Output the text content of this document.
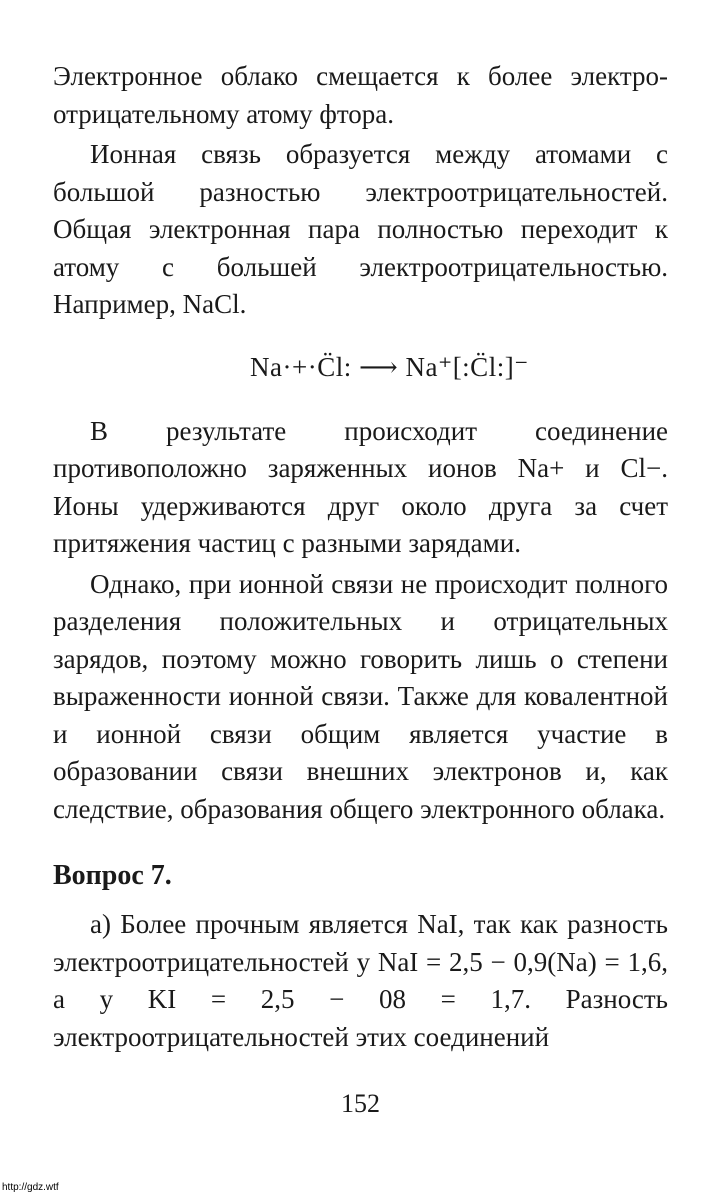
Электронное облако смещается к более электро-отрицательному атому фтора.

Ионная связь образуется между атомами с большой разностью электроотрицательностей. Общая электронная пара полностью переходит к атому с большей электроотрицательностью. Например, NaCl.

Na·+·C̈l: ⟶ Na⁺[:C̈l:]⁻

В результате происходит соединение противоположно заряженных ионов Na+ и Cl−. Ионы удерживаются друг около друга за счет притяжения частиц с разными зарядами.

Однако, при ионной связи не происходит полного разделения положительных и отрицательных зарядов, поэтому можно говорить лишь о степени выраженности ионной связи. Также для ковалентной и ионной связи общим является участие в образовании связи внешних электронов и, как следствие, образования общего электронного облака.

Вопрос 7.

а) Более прочным является NaI, так как разность электроотрицательностей у NaI = 2,5 − 0,9(Na) = 1,6, а у KI = 2,5 − 08 = 1,7. Разность электроотрицательностей этих соединений

152
http://gdz.wtf
